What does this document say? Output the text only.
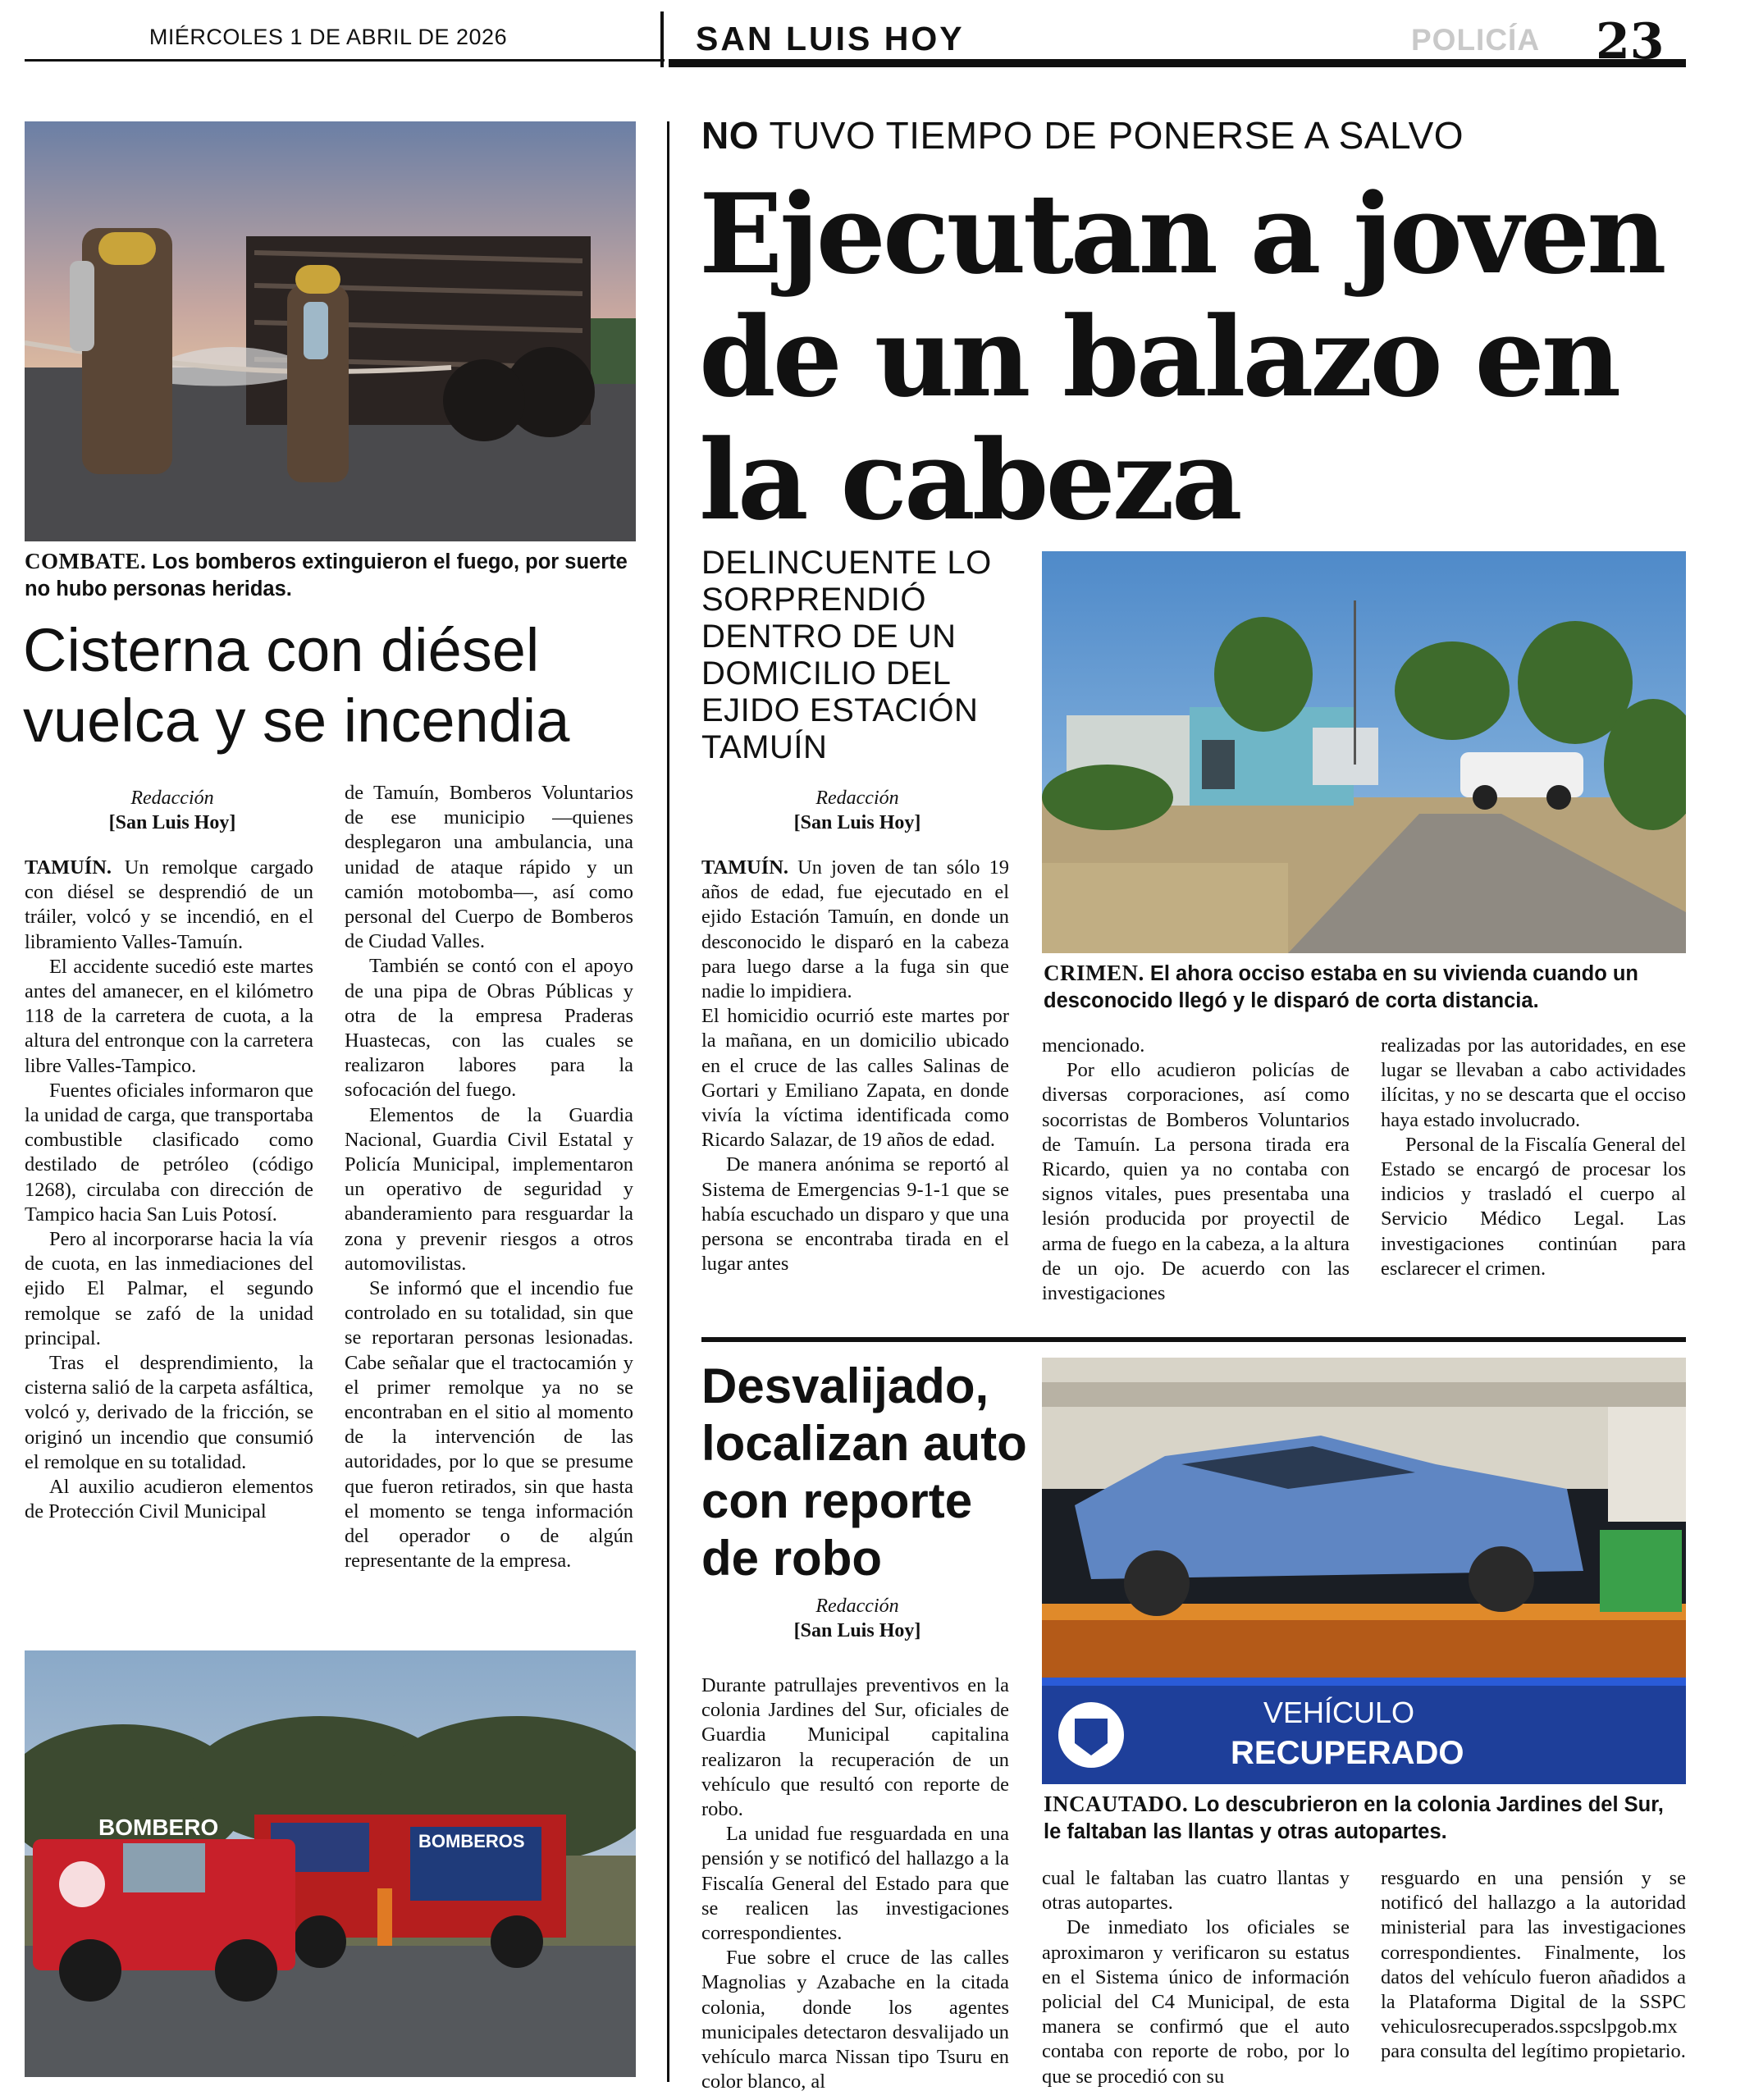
MIÉRCOLES 1 DE ABRIL DE 2026	SAN LUIS HOY	POLICÍA 23
COMBATE. Los bomberos extinguieron el fuego, por suerte no hubo personas heridas.
Cisterna con diésel vuelca y se incendia
Redacción
[San Luis Hoy]

TAMUÍN. Un remolque cargado con diésel se desprendió de un tráiler, volcó y se incendió, en el libramiento Valles-Tamuín.

El accidente sucedió este martes antes del amanecer, en el kilómetro 118 de la carretera de cuota, a la altura del entronque con la carretera libre Valles-Tampico.

Fuentes oficiales informaron que la unidad de carga, que transportaba combustible clasificado como destilado de petróleo (código 1268), circulaba con dirección de Tampico hacia San Luis Potosí.

Pero al incorporarse hacia la vía de cuota, en las inmediaciones del ejido El Palmar, el segundo remolque se zafó de la unidad principal.

Tras el desprendimiento, la cisterna salió de la carpeta asfáltica, volcó y, derivado de la fricción, se originó un incendio que consumió el remolque en su totalidad.

Al auxilio acudieron elementos de Protección Civil Municipal

de Tamuín, Bomberos Voluntarios de ese municipio —quienes desplegaron una ambulancia, una unidad de ataque rápido y un camión motobomba—, así como personal del Cuerpo de Bomberos de Ciudad Valles.

También se contó con el apoyo de una pipa de Obras Públicas y otra de la empresa Praderas Huastecas, con las cuales se realizaron labores para la sofocación del fuego.

Elementos de la Guardia Nacional, Guardia Civil Estatal y Policía Municipal, implementaron un operativo de seguridad y abanderamiento para resguardar la zona y prevenir riesgos a otros automovilistas.

Se informó que el incendio fue controlado en su totalidad, sin que se reportaran personas lesionadas. Cabe señalar que el tractocamión y el primer remolque ya no se encontraban en el sitio al momento de la intervención de las autoridades, por lo que se presume que fueron retirados, sin que hasta el momento se tenga información del operador o de algún representante de la empresa.

BOMBERO
BOMBEROS
NO TUVO TIEMPO DE PONERSE A SALVO
Ejecutan a joven
de un balazo en
la cabeza
DELINCUENTE LO SORPRENDIÓ DENTRO DE UN DOMICILIO DEL EJIDO ESTACIÓN TAMUÍN
CRIMEN. El ahora occiso estaba en su vivienda cuando un desconocido llegó y le disparó de corta distancia.
Redacción
[San Luis Hoy]

TAMUÍN. Un joven de tan sólo 19 años de edad, fue ejecutado en el ejido Estación Tamuín, en donde un desconocido le disparó en la cabeza para luego darse a la fuga sin que nadie lo impidiera.

El homicidio ocurrió este martes por la mañana, en un domicilio ubicado en el cruce de las calles Salinas de Gortari y Emiliano Zapata, en donde vivía la víctima identificada como Ricardo Salazar, de 19 años de edad.

De manera anónima se reportó al Sistema de Emergencias 9-1-1 que se había escuchado un disparo y que una persona se encontraba tirada en el lugar antes

mencionado.

Por ello acudieron policías de diversas corporaciones, así como socorristas de Bomberos Voluntarios de Tamuín. La persona tirada era Ricardo, quien ya no contaba con signos vitales, pues presentaba una lesión producida por proyectil de arma de fuego en la cabeza, a la altura de un ojo. De acuerdo con las investigaciones

realizadas por las autoridades, en ese lugar se llevaban a cabo actividades ilícitas, y no se descarta que el occiso haya estado involucrado.

Personal de la Fiscalía General del Estado se encargó de procesar los indicios y trasladó el cuerpo al Servicio Médico Legal. Las investigaciones continúan para esclarecer el crimen.

Desvalijado,
localizan auto
con reporte
de robo
Redacción
[San Luis Hoy]
VEHÍCULO
RECUPERADO
INCAUTADO. Lo descubrieron en la colonia Jardines del Sur, le faltaban las llantas y otras autopartes.

Durante patrullajes preventivos en la colonia Jardines del Sur, oficiales de Guardia Municipal capitalina realizaron la recuperación de un vehículo que resultó con reporte de robo.

La unidad fue resguardada en una pensión y se notificó del hallazgo a la Fiscalía General del Estado para que se realicen las investigaciones correspondientes.

Fue sobre el cruce de las calles Magnolias y Azabache en la citada colonia, donde los agentes municipales detectaron desvalijado un vehículo marca Nissan tipo Tsuru en color blanco, al

cual le faltaban las cuatro llantas y otras autopartes.

De inmediato los oficiales se aproximaron y verificaron su estatus en el Sistema único de información policial del C4 Municipal, de esta manera se confirmó que el auto contaba con reporte de robo, por lo que se procedió con su

resguardo en una pensión y se notificó del hallazgo a la autoridad ministerial para las investigaciones correspondientes. Finalmente, los datos del vehículo fueron añadidos a la Plataforma Digital de la SSPC vehiculosrecuperados.sspcslpgob.mx para consulta del legítimo propietario.
